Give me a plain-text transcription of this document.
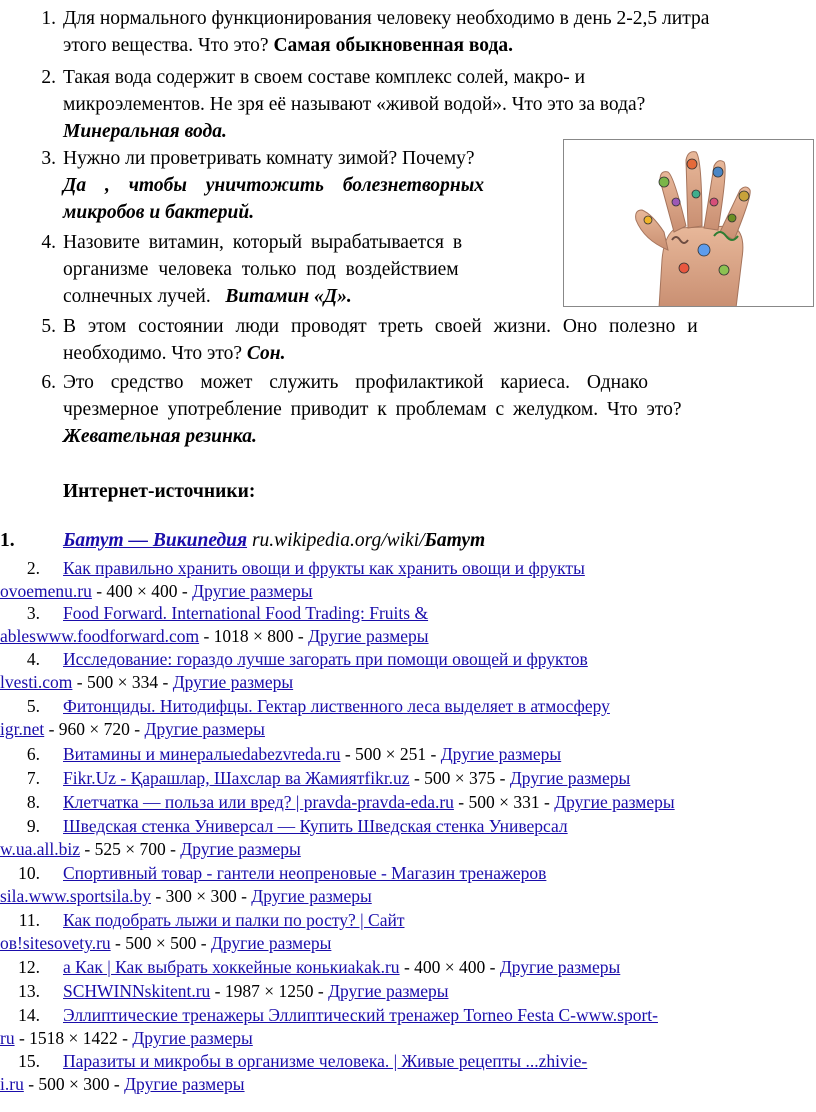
1. Для нормального функционирования человеку необходимо в день 2-2,5 литра
этого вещества. Что это? Самая обыкновенная вода.
2. Такая вода содержит в своем составе комплекс солей, макро- и
микроэлементов. Не зря её называют «живой водой». Что это за вода?
Минеральная вода.
3. Нужно ли проветривать комнату зимой? Почему?
Да , чтобы уничтожить болезнетворных
микробов и бактерий.
4. Назовите витамин, который вырабатывается в
организме человека только под воздействием
солнечных лучей.   Витамин «Д».
5. В этом состоянии люди проводят треть своей жизни. Оно полезно и
необходимо. Что это? Сон.
6. Это средство может служить профилактикой кариеса. Однако
чрезмерное употребление приводит к проблемам с желудком. Что это?
Жевательная резинка.
Интернет-источники:
1. Батут — Википедия ru.wikipedia.org/wiki/Батут
2. Как правильно хранить овощи и фрукты как хранить овощи и фрукты
ovoemenu.ru - 400 × 400 - Другие размеры
3. Food Forward. International Food Trading: Fruits &
ableswww.foodforward.com - 1018 × 800 - Другие размеры
4. Исследование: гораздо лучше загорать при помощи овощей и фруктов
lvesti.com - 500 × 334 - Другие размеры
5. Фитонциды. Нитодифцы. Гектар лиственного леса выделяет в атмосферу
igr.net - 960 × 720 - Другие размеры
6. Витамины и минералыedabezvreda.ru - 500 × 251 - Другие размеры
7. Fikr.Uz - Қарашлар, Шахслар ва Жамиятfikr.uz - 500 × 375 - Другие размеры
8. Клетчатка — польза или вред? | pravda-pravda-eda.ru - 500 × 331 - Другие размеры
9. Шведская стенка Универсал — Купить Шведская стенка Универсал
w.ua.all.biz - 525 × 700 - Другие размеры
10. Спортивный товар - гантели неопреновые - Магазин тренажеров
sila.www.sportsila.by - 300 × 300 - Другие размеры
11. Как подобрать лыжи и палки по росту? | Сайт
ов!sitesovety.ru - 500 × 500 - Другие размеры
12. а Как | Как выбрать хоккейные конькиakak.ru - 400 × 400 - Другие размеры
13. SCHWINNskitent.ru - 1987 × 1250 - Другие размеры
14. Эллиптические тренажеры Эллиптический тренажер Torneo Festa C-www.sport-
ru - 1518 × 1422 - Другие размеры
15. Паразиты и микробы в организме человека. | Живые рецепты ...zhivie-
i.ru - 500 × 300 - Другие размеры
